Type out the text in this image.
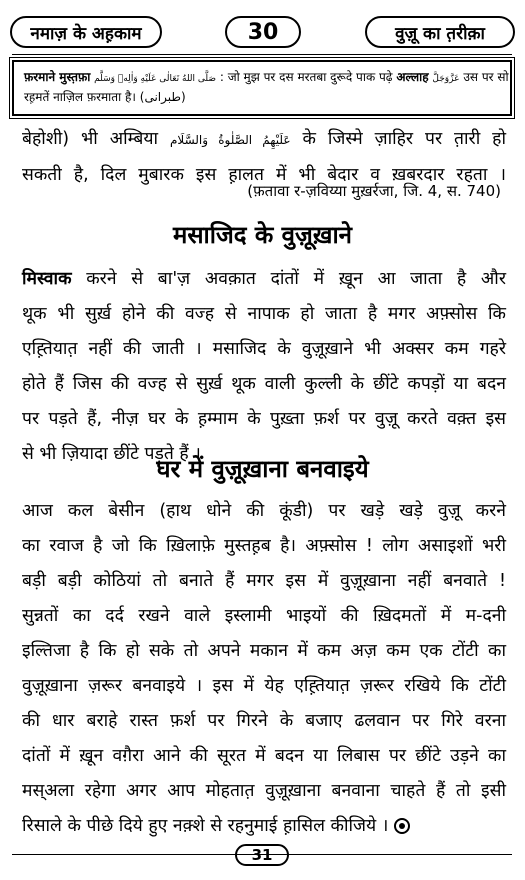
नमाज़ के अह़काम	30	वुज़ू का त़रीक़ा
फ़रमाने मुस्त़फ़ा صَلَّى اللهُ تَعَالٰى عَلَيْهِ وَاٰلِهٖ وَسَلَّم : जो मुझ पर दस मरतबा दुरूदे पाक पढ़े अल्लाह عَزَّوَجَلَّ उस पर सो
रह़मतें नाज़िल फ़रमाता है। (طبرانی)
बेहोशी) भी अम्बिया عَلَيْهِمُ الصَّلٰوةُ وَالسَّلَام के जिस्मे ज़ाहिर पर त़ारी हो
सकती है, दिल मुबारक इस ह़ालत में भी बेदार व ख़बरदार रहता ।
(फ़तावा र-ज़विय्या मुख़र्रजा, जि. 4, स. 740)
मसाजिद के वुज़ूख़ाने
मिस्वाक करने से बा'ज़ अवक़ात दांतों में ख़ून आ जाता है और
थूक भी सुर्ख़ होने की वज्ह से नापाक हो जाता है मगर अफ़्सोस कि
एह़्तियात़ नहीं की जाती । मसाजिद के वुज़ूख़ाने भी अक्सर कम गहरे
होते हैं जिस की वज्ह से सुर्ख़ थूक वाली कुल्ली के छींटे कपड़ों या बदन
पर पड़ते हैं, नीज़ घर के ह़म्माम के पुख़्ता फ़र्श पर वुज़ू करते वक़्त इस
से भी ज़ियादा छींटे पड़ते हैं ।
घर में वुज़ूख़ाना बनवाइये
आज कल बेसीन (हाथ धोने की कूंडी) पर खड़े खड़े वुज़ू करने
का रवाज है जो कि ख़िलाफ़े मुस्तह़ब है। अफ़्सोस ! लोग असाइशों भरी
बड़ी बड़ी कोठियां तो बनाते हैं मगर इस में वुज़ूख़ाना नहीं बनवाते !
सुन्नतों का दर्द रखने वाले इस्लामी भाइयों की ख़िदमतों में म-दनी
इल्तिजा है कि हो सके तो अपने मकान में कम अज़ कम एक टोंटी का
वुज़ूख़ाना ज़रूर बनवाइये । इस में येह एह़्तियात़ ज़रूर रखिये कि टोंटी
की धार बराहे रास्त फ़र्श पर गिरने के बजाए ढलवान पर गिरे वरना
दांतों में ख़ून वग़ैरा आने की सूरत में बदन या लिबास पर छींटे उड़ने का
मस्अला रहेगा अगर आप मोहतात़ वुज़ूख़ाना बनवाना चाहते हैं तो इसी
रिसाले के पीछे दिये हुए नक़्शे से रहनुमाई ह़ासिल कीजिये ।
31
